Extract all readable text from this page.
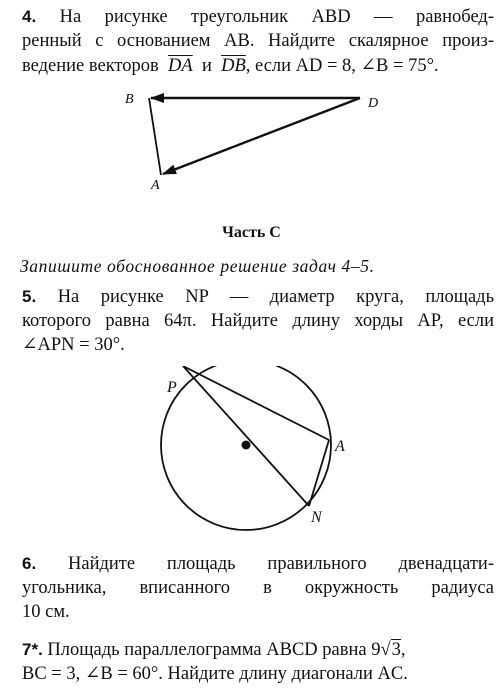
4. На рисунке треугольник ABD — равнобед-
ренный с основанием AB. Найдите скалярное произ-
ведение векторов $\overline{DA}$ и $\overline{DB}$, если AD = 8, ∠B = 75°.
B	D
A
Часть С
Запишите обоснованное решение задач 4–5.
5. На рисунке NP — диаметр круга, площадь
которого равна 64π. Найдите длину хорды AP, если
∠APN = 30°.
P
A
N
6. Найдите площадь правильного двенадцати-
угольника, вписанного в окружность радиуса
10 см.
7*. Площадь параллелограмма ABCD равна 9√3,
BC = 3, ∠B = 60°. Найдите длину диагонали AC.
